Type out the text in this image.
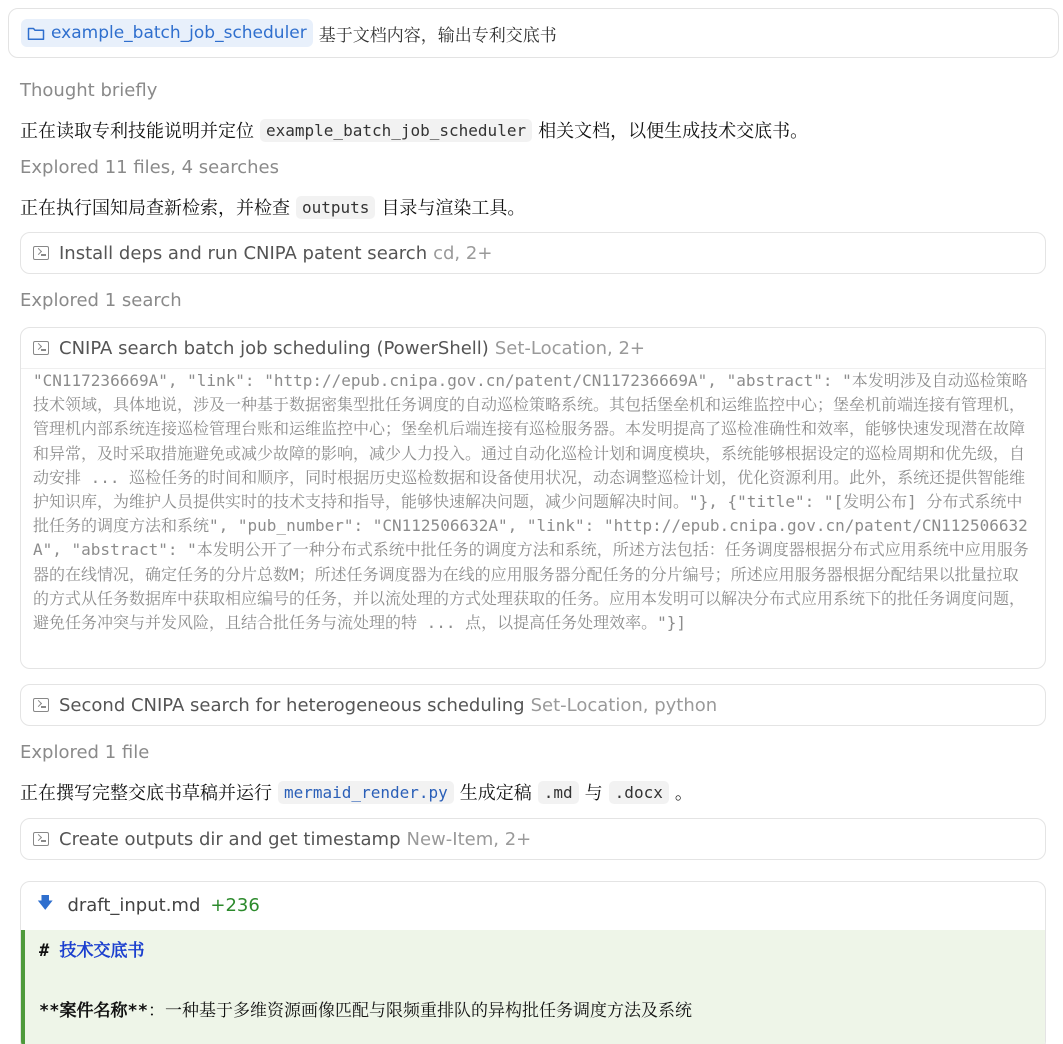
example_batch_job_scheduler 基于文档内容，输出专利交底书
Thought briefly
正在读取专利技能说明并定位 example_batch_job_scheduler 相关文档，以便生成技术交底书。
Explored 11 files, 4 searches
正在执行国知局查新检索，并检查 outputs 目录与渲染工具。
Install deps and run CNIPA patent search cd, 2+
Explored 1 search
CNIPA search batch job scheduling (PowerShell) Set-Location, 2+
"CN117236669A", "link": "http://epub.cnipa.gov.cn/patent/CN117236669A", "abstract": "本发明涉及自动巡检策略技术领域，具体地说，涉及一种基于数据密集型批任务调度的自动巡检策略系统。其包括堡垒机和运维监控中心；堡垒机前端连接有管理机，管理机内部系统连接巡检管理台账和运维监控中心；堡垒机后端连接有巡检服务器。本发明提高了巡检准确性和效率，能够快速发现潜在故障和异常，及时采取措施避免或减少故障的影响，减少人力投入。通过自动化巡检计划和调度模块，系统能够根据设定的巡检周期和优先级，自动安排 ... 巡检任务的时间和顺序，同时根据历史巡检数据和设备使用状况，动态调整巡检计划，优化资源利用。此外，系统还提供智能维护知识库，为维护人员提供实时的技术支持和指导，能够快速解决问题，减少问题解决时间。"}, {"title": "[发明公布] 分布式系统中批任务的调度方法和系统", "pub_number": "CN112506632A", "link": "http://epub.cnipa.gov.cn/patent/CN112506632A", "abstract": "本发明公开了一种分布式系统中批任务的调度方法和系统，所述方法包括：任务调度器根据分布式应用系统中应用服务器的在线情况，确定任务的分片总数M；所述任务调度器为在线的应用服务器分配任务的分片编号；所述应用服务器根据分配结果以批量拉取的方式从任务数据库中获取相应编号的任务，并以流处理的方式处理获取的任务。应用本发明可以解决分布式应用系统下的批任务调度问题，避免任务冲突与并发风险，且结合批任务与流处理的特 ... 点，以提高任务处理效率。"}]
Second CNIPA search for heterogeneous scheduling Set-Location, python
Explored 1 file
正在撰写完整交底书草稿并运行 mermaid_render.py 生成定稿 .md 与 .docx 。
Create outputs dir and get timestamp New-Item, 2+
🡇 draft_input.md +236
# 技术交底书
**案件名称**：一种基于多维资源画像匹配与限频重排队的异构批任务调度方法及系统
